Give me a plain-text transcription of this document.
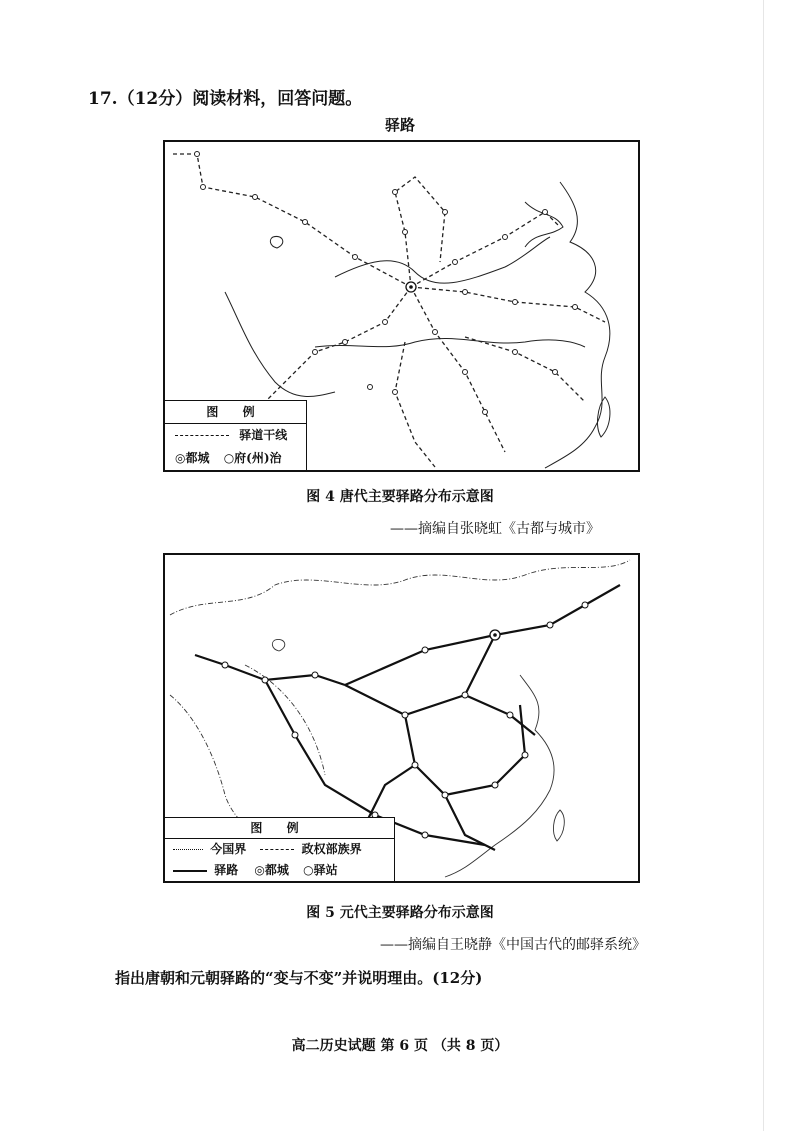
17.（12分）阅读材料，回答问题。
驿路
图 例
驿道干线
◎都城 ○府(州)治
图 4 唐代主要驿路分布示意图
——摘编自张晓虹《古都与城市》
图 例
今国界	政权部族界
驿路 ◎都城 ○驿站
图 5 元代主要驿路分布示意图
——摘编自王晓静《中国古代的邮驿系统》
指出唐朝和元朝驿路的“变与不变”并说明理由。(12分)
高二历史试题 第 6 页 （共 8 页）
